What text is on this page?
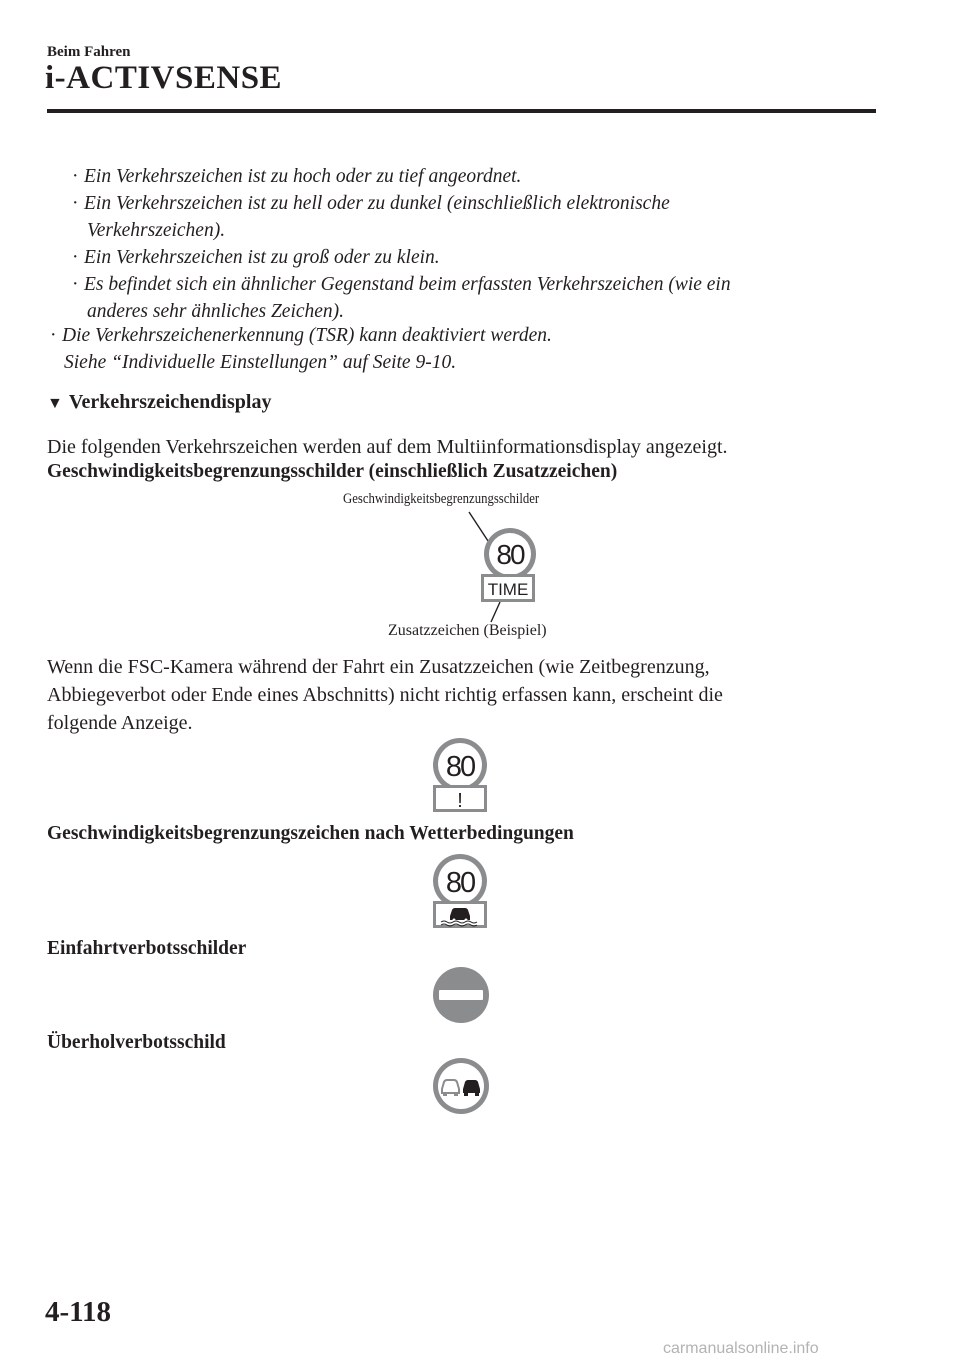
Beim Fahren
i-ACTIVSENSE
· Ein Verkehrszeichen ist zu hoch oder zu tief angeordnet.
· Ein Verkehrszeichen ist zu hell oder zu dunkel (einschließlich elektronische
Verkehrszeichen).
· Ein Verkehrszeichen ist zu groß oder zu klein.
· Es befindet sich ein ähnlicher Gegenstand beim erfassten Verkehrszeichen (wie ein
anderes sehr ähnliches Zeichen).
· Die Verkehrszeichenerkennung (TSR) kann deaktiviert werden.
Siehe “Individuelle Einstellungen” auf Seite 9-10.
▼ Verkehrszeichendisplay
Die folgenden Verkehrszeichen werden auf dem Multiinformationsdisplay angezeigt.
Geschwindigkeitsbegrenzungsschilder (einschließlich Zusatzzeichen)
Geschwindigkeitsbegrenzungsschilder
80
TIME
Zusatzzeichen (Beispiel)
Wenn die FSC-Kamera während der Fahrt ein Zusatzzeichen (wie Zeitbegrenzung,
Abbiegeverbot oder Ende eines Abschnitts) nicht richtig erfassen kann, erscheint die
folgende Anzeige.
80
!
Geschwindigkeitsbegrenzungszeichen nach Wetterbedingungen
80
Einfahrtverbotsschilder
Überholverbotsschild
4-118
carmanualsonline.info
